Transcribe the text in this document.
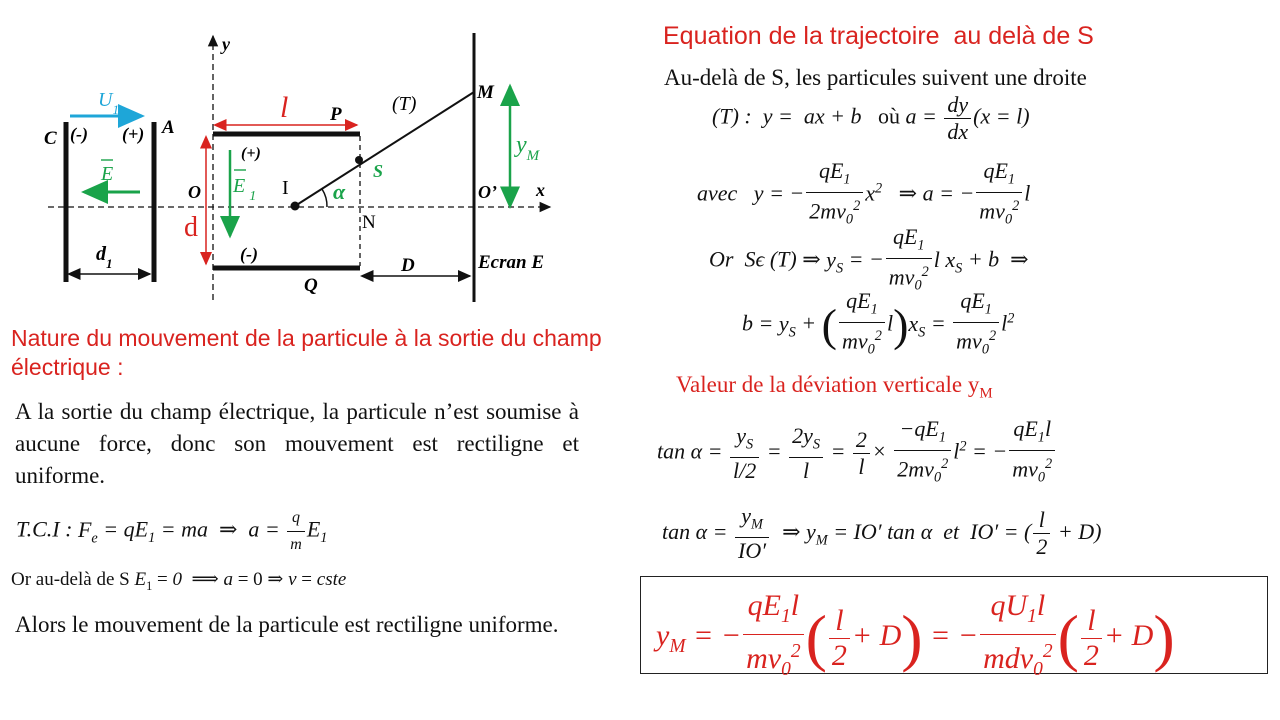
$U_1$
C (-) (+) A
E
$d_1$
y
x
O
l P	(T)
M
(+)
E $_1$ I α
S
N
O’
$y_M$
d
(-)
Q
D	Ecran E
Nature du mouvement de la particule à la sortie du champ électrique :
A la sortie du champ électrique, la particule n’est soumise à aucune force, donc son mouvement est rectiligne et uniforme.
T.C.I : $F_e = qE_1$ = ma  ⇒  $a = \frac{q}{m} E_1$
Or au-delà de S $E_1 = 0$  ⟹ a = 0 ⇒ v = cste
Alors le mouvement de la particule est rectiligne uniforme.
Equation de la trajectoire  au delà de S
Au-delà de S, les particules suivent une droite
(T) :  y =  ax + b où $a = \frac{dy}{dx} (x = l)$
avec y = − $\frac{qE_1}{2mv_0^2} x^2$   ⇒ a = − $\frac{qE_1}{mv_0^2}$ l
Or Sϵ (T) ⇒ $y_S$ = − $\frac{qE_1}{mv_0^2}$ l $x_S + b$  ⇒
$b = y_S$ + ( $\frac{qE_1}{mv_0^2} l)x_S = \frac{qE_1}{mv_0^2} l^2$
Valeur de la déviation verticale $y_M$
$\tan \alpha = \frac{y_S}{l/2} = \frac{2y_S}{l} = \frac{2}{l} \times \frac{-qE_1}{2mv_0^2} l^2$ = − $\frac{qE_1l}{mv_0^2}$
$\tan \alpha = \frac{y_M}{IO'}$ ⇒ $y_M = IO'$ tan α  et IO′ = ( $\frac{l}{2} + D$)
$y_M$ = − $\frac{qE_1l}{mv_0^2}$ ( $\frac{l}{2} + D$) = − $\frac{qU_1l}{mdv_0^2}$ ( $\frac{l}{2} + D$)
